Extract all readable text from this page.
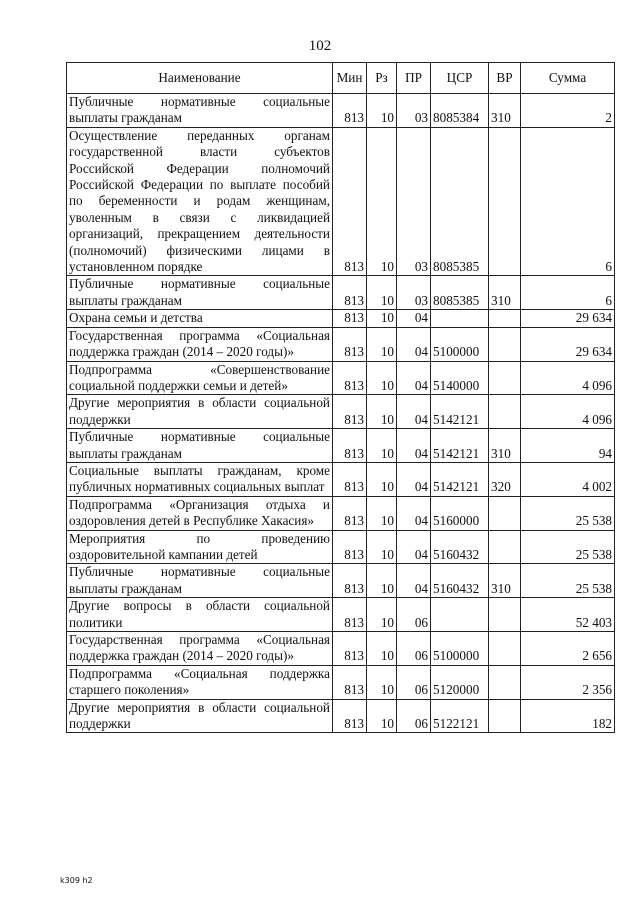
102
Наименование	Мин	Рз	ПР	ЦСР	ВР	Сумма
Публичные нормативные социальные выплаты гражданам	813	10	03	8085384	310	2
Осуществление переданных органам государственной власти субъектов Российской Федерации полномочий Российской Федерации по выплате пособий по беременности и родам женщинам, уволенным в связи с ликвидацией организаций, прекращением деятельности (полномочий) физическими лицами в установленном порядке	813	10	03	8085385		6
Публичные нормативные социальные выплаты гражданам	813	10	03	8085385	310	6
Охрана семьи и детства	813	10	04			29 634
Государственная программа «Социальная поддержка граждан (2014 – 2020 годы)»	813	10	04	5100000		29 634
Подпрограмма «Совершенствование социальной поддержки семьи и детей»	813	10	04	5140000		4 096
Другие мероприятия в области социальной поддержки	813	10	04	5142121		4 096
Публичные нормативные социальные выплаты гражданам	813	10	04	5142121	310	94
Социальные выплаты гражданам, кроме публичных нормативных социальных выплат	813	10	04	5142121	320	4 002
Подпрограмма «Организация отдыха и оздоровления детей в Республике Хакасия»	813	10	04	5160000		25 538
Мероприятия по проведению оздоровительной кампании детей	813	10	04	5160432		25 538
Публичные нормативные социальные выплаты гражданам	813	10	04	5160432	310	25 538
Другие вопросы в области социальной политики	813	10	06			52 403
Государственная программа «Социальная поддержка граждан (2014 – 2020 годы)»	813	10	06	5100000		2 656
Подпрограмма «Социальная поддержка старшего поколения»	813	10	06	5120000		2 356
Другие мероприятия в области социальной поддержки	813	10	06	5122121		182
k309 h2
